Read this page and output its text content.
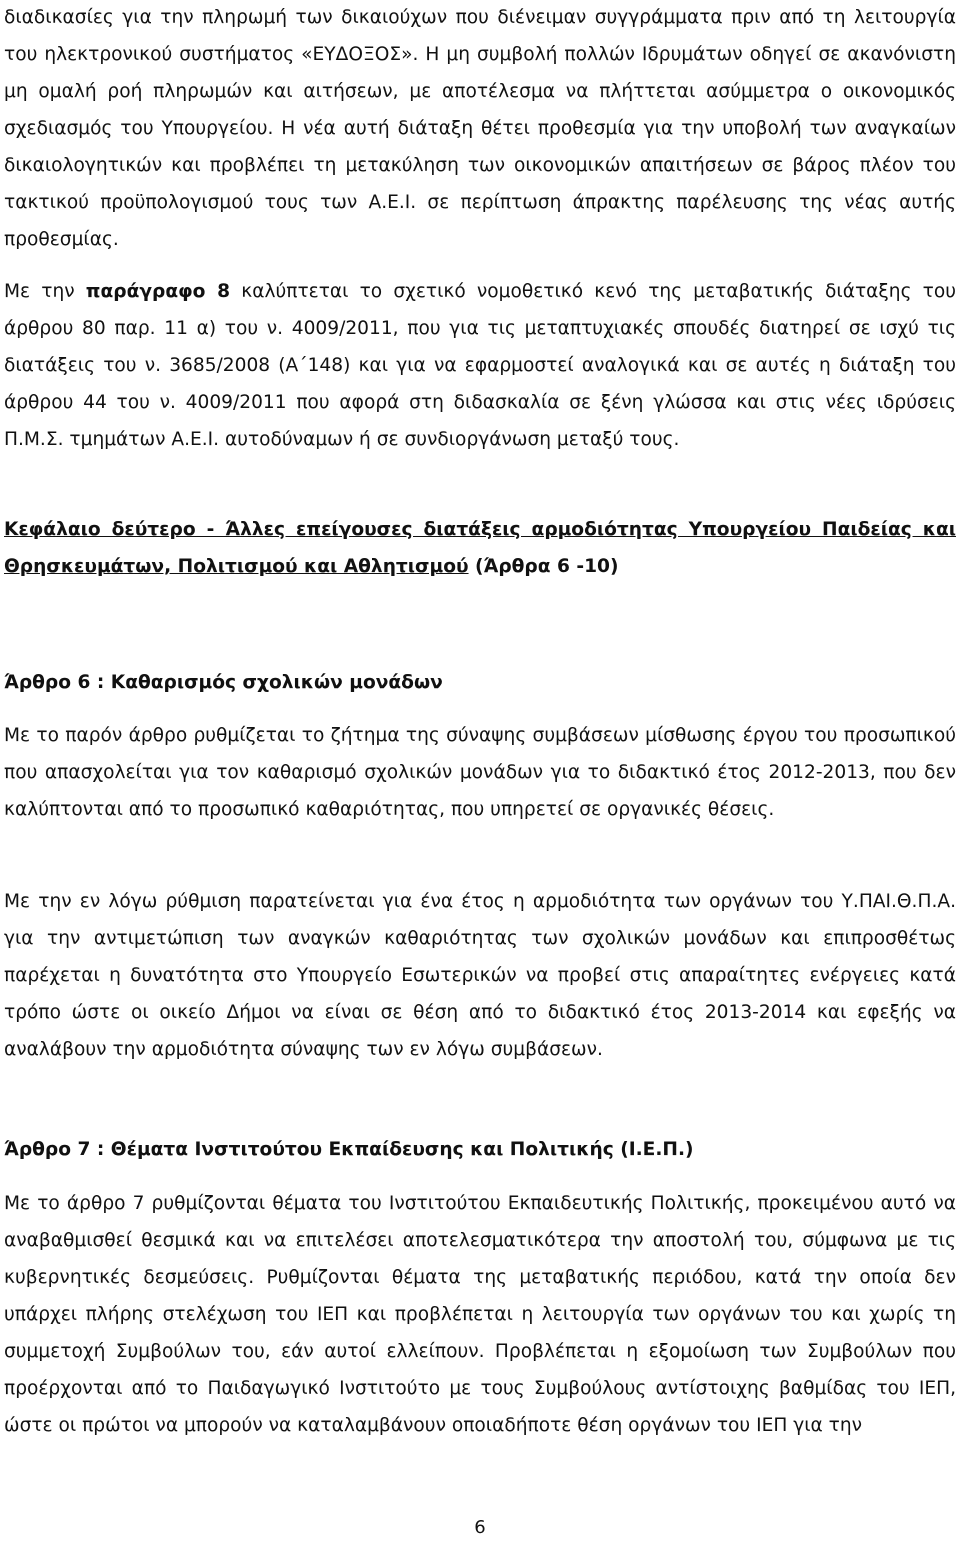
διαδικασίες για την πληρωμή των δικαιούχων που διένειμαν συγγράμματα πριν από τη λειτουργία του ηλεκτρονικού συστήματος «ΕΥΔΟΞΟΣ». Η μη συμβολή πολλών Ιδρυμάτων οδηγεί σε ακανόνιστη μη ομαλή ροή πληρωμών και αιτήσεων, με αποτέλεσμα να πλήττεται ασύμμετρα ο οικονομικός σχεδιασμός του Υπουργείου. Η νέα αυτή διάταξη θέτει προθεσμία για την υποβολή των αναγκαίων δικαιολογητικών και προβλέπει τη μετακύληση των οικονομικών απαιτήσεων σε βάρος πλέον του τακτικού προϋπολογισμού τους των Α.Ε.Ι. σε περίπτωση άπρακτης παρέλευσης της νέας αυτής προθεσμίας.

Με την παράγραφο 8 καλύπτεται το σχετικό νομοθετικό κενό της μεταβατικής διάταξης του άρθρου 80 παρ. 11 α) του ν. 4009/2011, που για τις μεταπτυχιακές σπουδές διατηρεί σε ισχύ τις διατάξεις του ν. 3685/2008 (Α΄148) και για να εφαρμοστεί αναλογικά και σε αυτές η διάταξη του άρθρου 44 του ν. 4009/2011 που αφορά στη διδασκαλία σε ξένη γλώσσα και στις νέες ιδρύσεις Π.Μ.Σ. τμημάτων Α.Ε.Ι. αυτοδύναμων ή σε συνδιοργάνωση μεταξύ τους.

Κεφάλαιο δεύτερο - Άλλες επείγουσες διατάξεις αρμοδιότητας Υπουργείου Παιδείας και Θρησκευμάτων, Πολιτισμού και Αθλητισμού (Άρθρα 6 -10)

Άρθρο 6 : Καθαρισμός σχολικών μονάδων

Με το παρόν άρθρο ρυθμίζεται το ζήτημα της σύναψης συμβάσεων μίσθωσης έργου του προσωπικού που απασχολείται για τον καθαρισμό σχολικών μονάδων για το διδακτικό έτος 2012-2013, που δεν καλύπτονται από το προσωπικό καθαριότητας, που υπηρετεί σε οργανικές θέσεις.

Με την εν λόγω ρύθμιση παρατείνεται για ένα έτος η αρμοδιότητα των οργάνων του Υ.ΠΑΙ.Θ.Π.Α. για την αντιμετώπιση των αναγκών καθαριότητας των σχολικών μονάδων και επιπροσθέτως παρέχεται η δυνατότητα στο Υπουργείο Εσωτερικών να προβεί στις απαραίτητες ενέργειες κατά τρόπο ώστε οι οικείο Δήμοι να είναι σε θέση από το διδακτικό έτος 2013-2014 και εφεξής να αναλάβουν την αρμοδιότητα σύναψης των εν λόγω συμβάσεων.

Άρθρο 7 : Θέματα Ινστιτούτου Εκπαίδευσης και Πολιτικής (Ι.Ε.Π.)

Με το άρθρο 7 ρυθμίζονται θέματα του Ινστιτούτου Εκπαιδευτικής Πολιτικής, προκειμένου αυτό να αναβαθμισθεί θεσμικά και να επιτελέσει αποτελεσματικότερα την αποστολή του, σύμφωνα με τις κυβερνητικές δεσμεύσεις. Ρυθμίζονται θέματα της μεταβατικής περιόδου, κατά την οποία δεν υπάρχει πλήρης στελέχωση του ΙΕΠ και προβλέπεται η λειτουργία των οργάνων του και χωρίς τη συμμετοχή Συμβούλων του, εάν αυτοί ελλείπουν. Προβλέπεται η εξομοίωση των Συμβούλων που προέρχονται από το Παιδαγωγικό Ινστιτούτο με τους Συμβούλους αντίστοιχης βαθμίδας του ΙΕΠ, ώστε οι πρώτοι να μπορούν να καταλαμβάνουν οποιαδήποτε θέση οργάνων του ΙΕΠ για την

6
